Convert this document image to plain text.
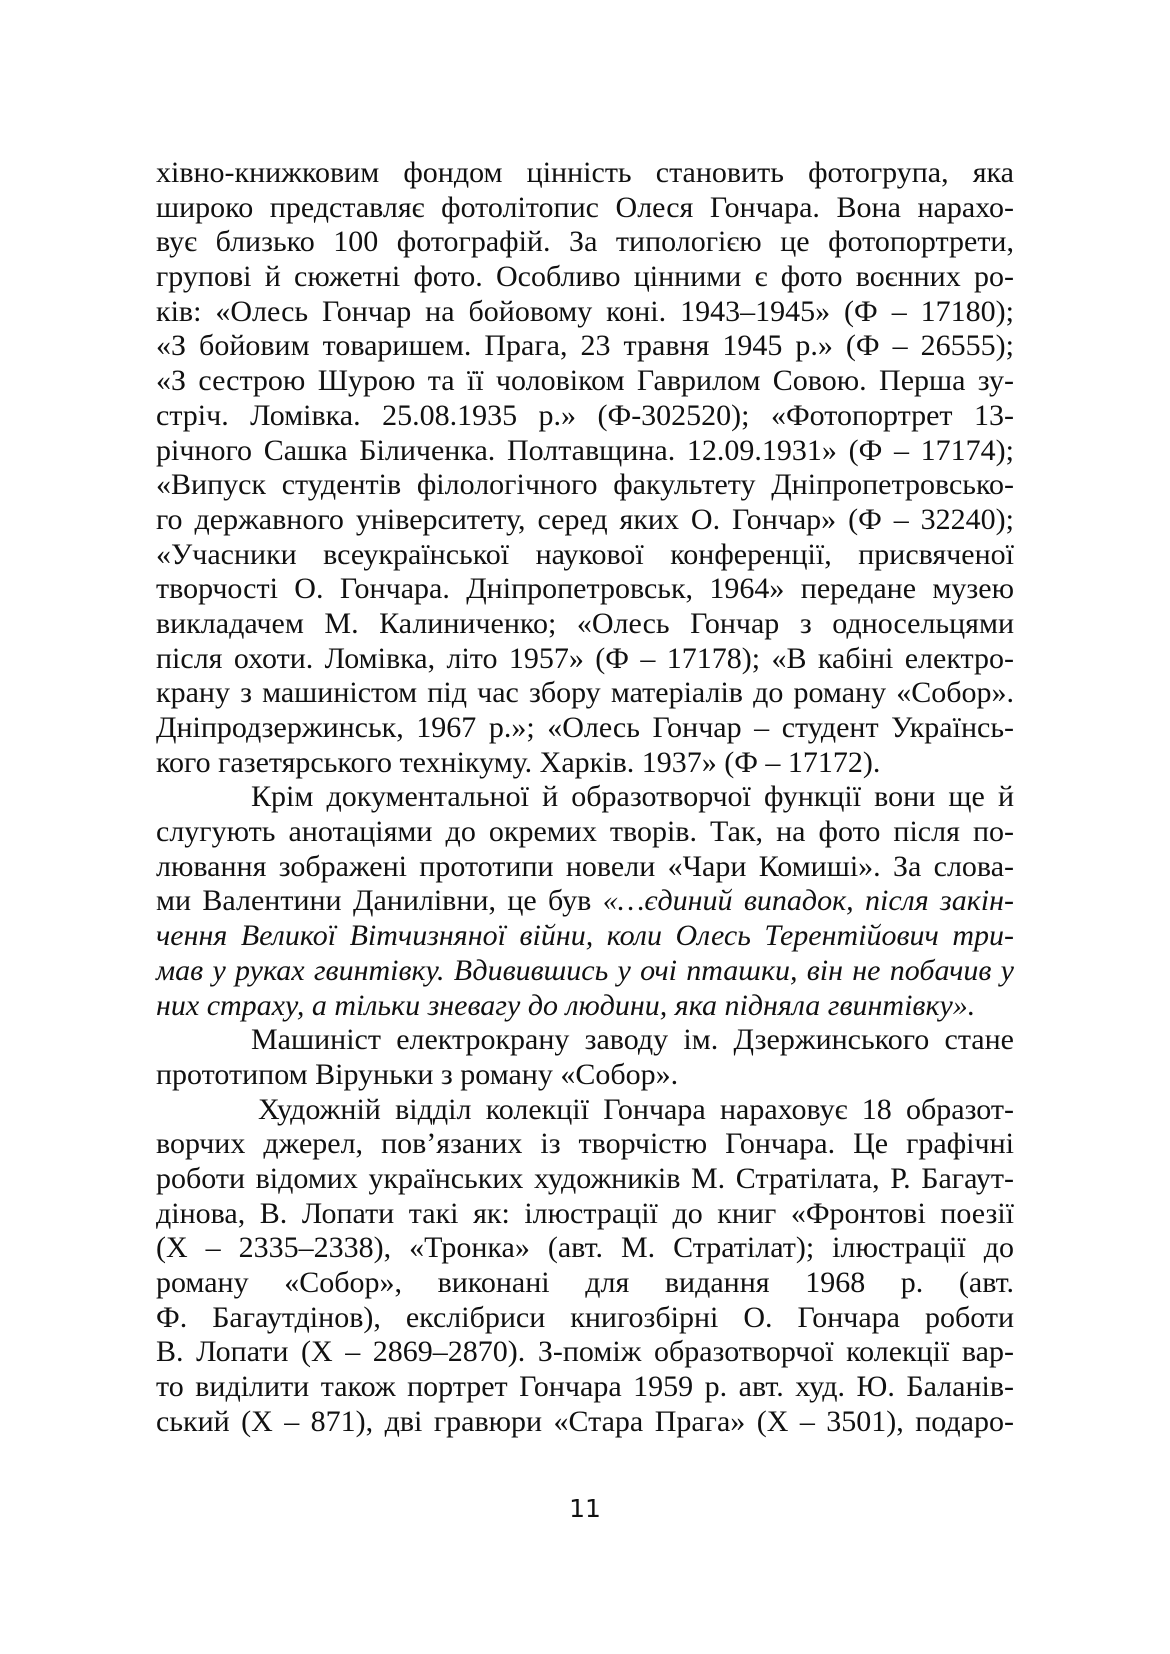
хівно-книжковим фондом цінність становить фотогрупа, яка
широко представляє фотолітопис Олеся Гончара. Вона нарахо-
вує близько 100 фотографій. За типологією це фотопортрети,
групові й сюжетні фото. Особливо цінними є фото воєнних ро-
ків: «Олесь Гончар на бойовому коні. 1943–1945» (Ф – 17180);
«З бойовим товаришем. Прага, 23 травня 1945 р.» (Ф – 26555);
«З сестрою Шурою та її чоловіком Гаврилом Совою. Перша зу-
стріч. Ломівка. 25.08.1935 р.» (Ф-302520); «Фотопортрет 13-
річного Сашка Біличенка. Полтавщина. 12.09.1931» (Ф – 17174);
«Випуск студентів філологічного факультету Дніпропетровсько-
го державного університету, серед яких О. Гончар» (Ф – 32240);
«Учасники всеукраїнської наукової конференції, присвяченої
творчості О. Гончара. Дніпропетровськ, 1964» передане музею
викладачем М. Калиниченко; «Олесь Гончар з односельцями
після охоти. Ломівка, літо 1957» (Ф – 17178); «В кабіні електро-
крану з машиністом під час збору матеріалів до роману «Собор».
Дніпродзержинськ, 1967 р.»; «Олесь Гончар – студент Українсь-
кого газетярського технікуму. Харків. 1937» (Ф – 17172).
Крім документальної й образотворчої функції вони ще й
слугують анотаціями до окремих творів. Так, на фото після по-
лювання зображені прототипи новели «Чари Комиші». За слова-
ми Валентини Данилівни, це був «…єдиний випадок, після закін-
чення Великої Вітчизняної війни, коли Олесь Терентійович три-
мав у руках гвинтівку. Вдивившись у очі пташки, він не побачив у
них страху, а тільки зневагу до людини, яка підняла гвинтівку».
Машиніст електрокрану заводу ім. Дзержинського стане
прототипом Віруньки з роману «Собор».
Художній відділ колекції Гончара нараховує 18 образот-
ворчих джерел, пов’язаних із творчістю Гончара. Це графічні
роботи відомих українських художників М. Стратілата, Р. Багаут-
дінова, В. Лопати такі як: ілюстрації до книг «Фронтові поезії
(Х – 2335–2338), «Тронка» (авт. М. Стратілат); ілюстрації до
роману «Собор», виконані для видання 1968 р. (авт.
Ф. Багаутдінов), екслібриси книгозбірні О. Гончара роботи
В. Лопати (Х – 2869–2870). З-поміж образотворчої колекції вар-
то виділити також портрет Гончара 1959 р. авт. худ. Ю. Баланів-
ський (Х – 871), дві гравюри «Стара Прага» (Х – 3501), подаро-
11
